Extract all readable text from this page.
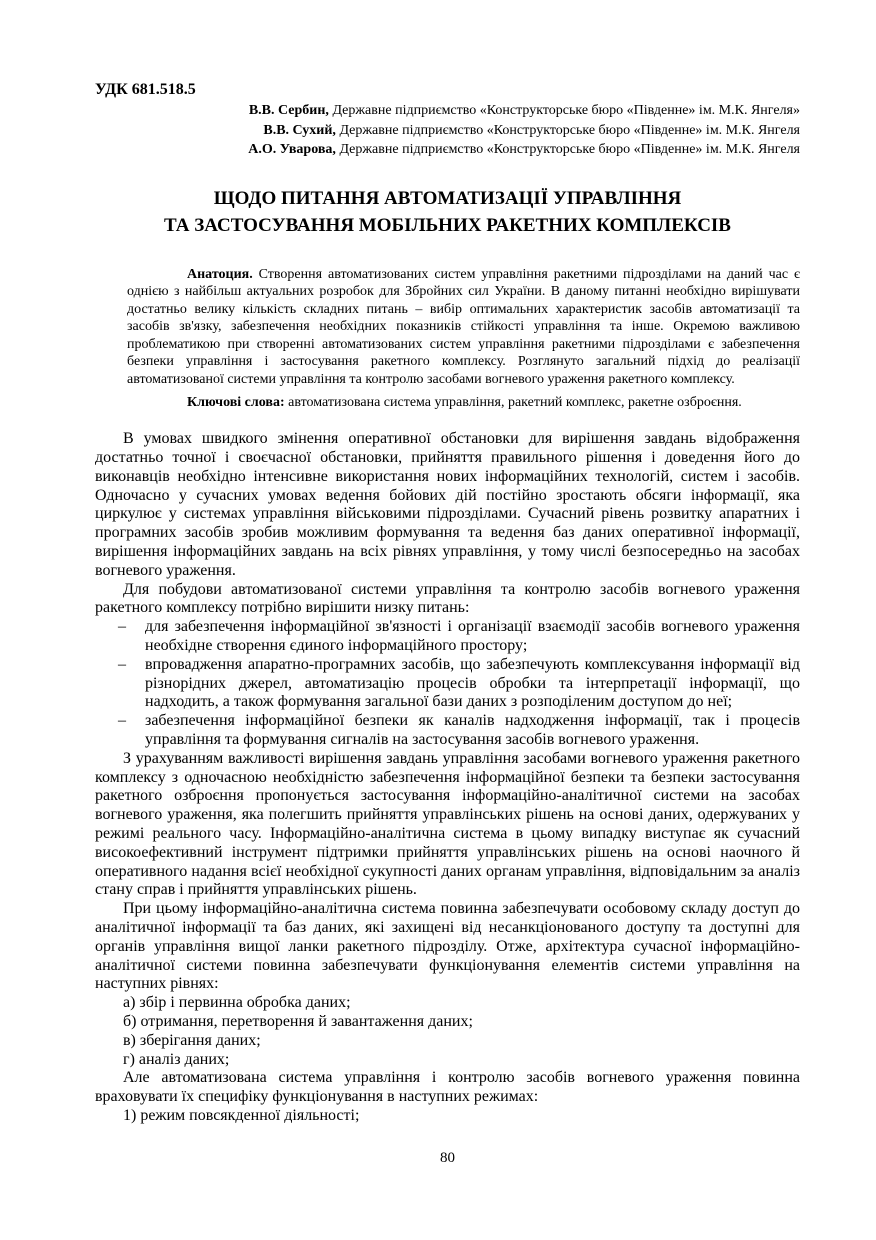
УДК 681.518.5
В.В. Сербин, Державне підприємство «Конструкторське бюро «Південне» ім. М.К. Янгеля»
В.В. Сухий, Державне підприємство «Конструкторське бюро «Південне» ім. М.К. Янгеля
А.О. Уварова, Державне підприємство «Конструкторське бюро «Південне» ім. М.К. Янгеля
ЩОДО ПИТАННЯ АВТОМАТИЗАЦІЇ УПРАВЛІННЯ
ТА ЗАСТОСУВАННЯ МОБІЛЬНИХ РАКЕТНИХ КОМПЛЕКСІВ

Анатоция. Створення автоматизованих систем управління ракетними підрозділами на даний час є однією з найбільш актуальних розробок для Збройних сил України. В даному питанні необхідно вирішувати достатньо велику кількість складних питань – вибір оптимальних характеристик засобів автоматизації та засобів зв'язку, забезпечення необхідних показників стійкості управління та інше. Окремою важливою проблематикою при створенні автоматизованих систем управління ракетними підрозділами є забезпечення безпеки управління і застосування ракетного комплексу. Розглянуто загальний підхід до реалізації автоматизованої системи управління та контролю засобами вогневого ураження ракетного комплексу.

Ключові слова: автоматизована система управління, ракетний комплекс, ракетне озброєння.

В умовах швидкого змінення оперативної обстановки для вирішення завдань відображення достатньо точної і своєчасної обстановки, прийняття правильного рішення і доведення його до виконавців необхідно інтенсивне використання нових інформаційних технологій, систем і засобів. Одночасно у сучасних умовах ведення бойових дій постійно зростають обсяги інформації, яка циркулює у системах управління військовими підрозділами. Сучасний рівень розвитку апаратних і програмних засобів зробив можливим формування та ведення баз даних оперативної інформації, вирішення інформаційних завдань на всіх рівнях управління, у тому числі безпосередньо на засобах вогневого ураження.

Для побудови автоматизованої системи управління та контролю засобів вогневого ураження ракетного комплексу потрібно вирішити низку питань:

–	для забезпечення інформаційної зв'язності і організації взаємодії засобів вогневого ураження необхідне створення єдиного інформаційного простору;
–	впровадження апаратно-програмних засобів, що забезпечують комплексування інформації від різнорідних джерел, автоматизацію процесів обробки та інтерпретації інформації, що надходить, а також формування загальної бази даних з розподіленим доступом до неї;
–	забезпечення інформаційної безпеки як каналів надходження інформації, так і процесів управління та формування сигналів на застосування засобів вогневого ураження.

З урахуванням важливості вирішення завдань управління засобами вогневого ураження ракетного комплексу з одночасною необхідністю забезпечення інформаційної безпеки та безпеки застосування ракетного озброєння пропонується застосування інформаційно-аналітичної системи на засобах вогневого ураження, яка полегшить прийняття управлінських рішень на основі даних, одержуваних у режимі реального часу. Інформаційно-аналітична система в цьому випадку виступає як сучасний високоефективний інструмент підтримки прийняття управлінських рішень на основі наочного й оперативного надання всієї необхідної сукупності даних органам управління, відповідальним за аналіз стану справ і прийняття управлінських рішень.

При цьому інформаційно-аналітична система повинна забезпечувати особовому складу доступ до аналітичної інформації та баз даних, які захищені від несанкціонованого доступу та доступні для органів управління вищої ланки ракетного підрозділу. Отже, архітектура сучасної інформаційно-аналітичної системи повинна забезпечувати функціонування елементів системи управління на наступних рівнях:

а) збір і первинна обробка даних;

б) отримання, перетворення й завантаження даних;

в) зберігання даних;

г) аналіз даних;

Але автоматизована система управління і контролю засобів вогневого ураження повинна враховувати їх специфіку функціонування в наступних режимах:

1) режим повсякденної діяльності;

80
